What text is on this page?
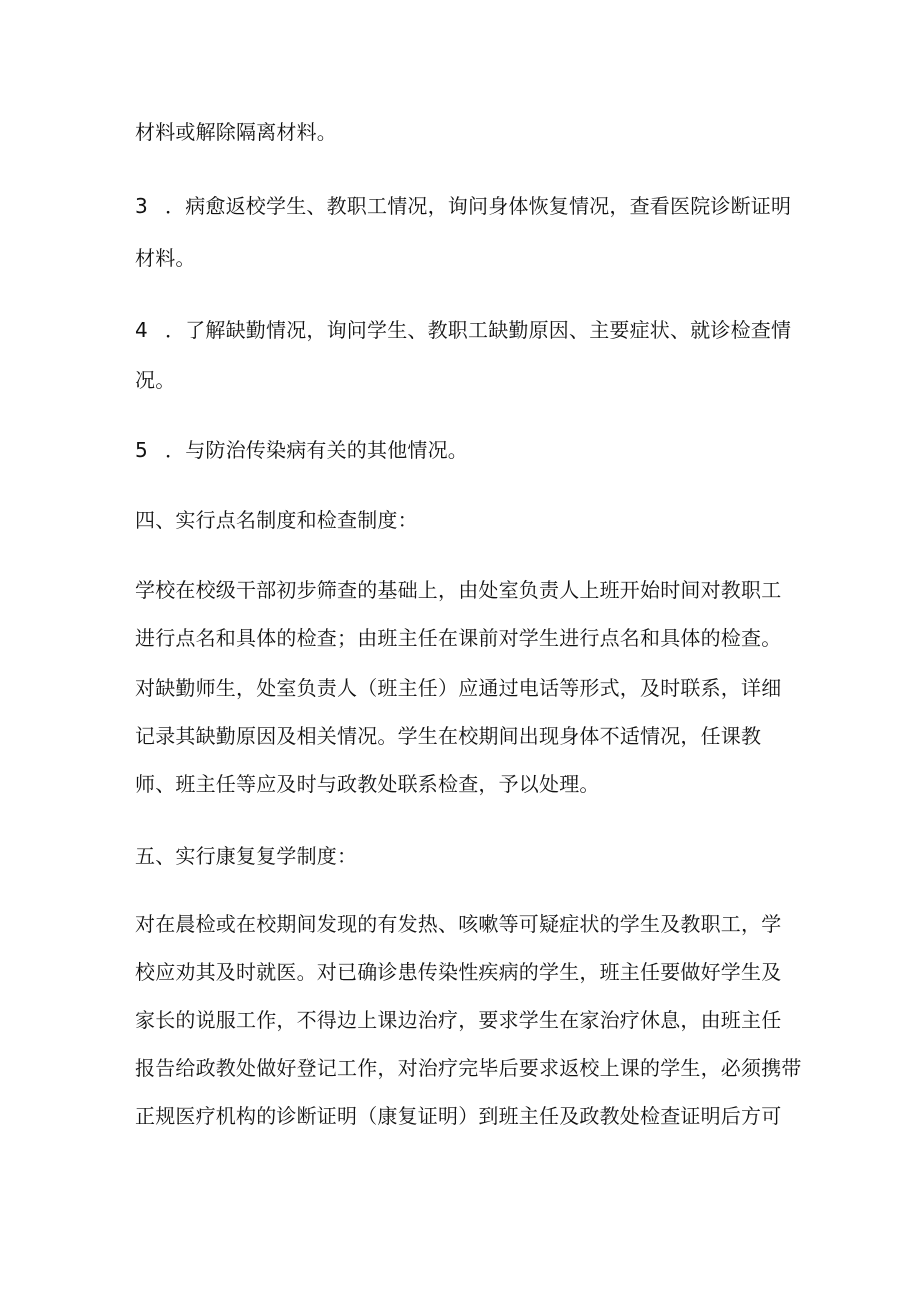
材料或解除隔离材料。
3 ．病愈返校学生、教职工情况，询问身体恢复情况，查看医院诊断证明
材料。
4 ．了解缺勤情况，询问学生、教职工缺勤原因、主要症状、就诊检查情
况。
5 ．与防治传染病有关的其他情况。
四、实行点名制度和检查制度：
学校在校级干部初步筛查的基础上，由处室负责人上班开始时间对教职工
进行点名和具体的检查；由班主任在课前对学生进行点名和具体的检查。
对缺勤师生，处室负责人（班主任）应通过电话等形式，及时联系，详细
记录其缺勤原因及相关情况。学生在校期间出现身体不适情况，任课教
师、班主任等应及时与政教处联系检查，予以处理。
五、实行康复复学制度：
对在晨检或在校期间发现的有发热、咳嗽等可疑症状的学生及教职工，学
校应劝其及时就医。对已确诊患传染性疾病的学生，班主任要做好学生及
家长的说服工作，不得边上课边治疗，要求学生在家治疗休息，由班主任
报告给政教处做好登记工作，对治疗完毕后要求返校上课的学生，必须携带
正规医疗机构的诊断证明（康复证明）到班主任及政教处检查证明后方可
